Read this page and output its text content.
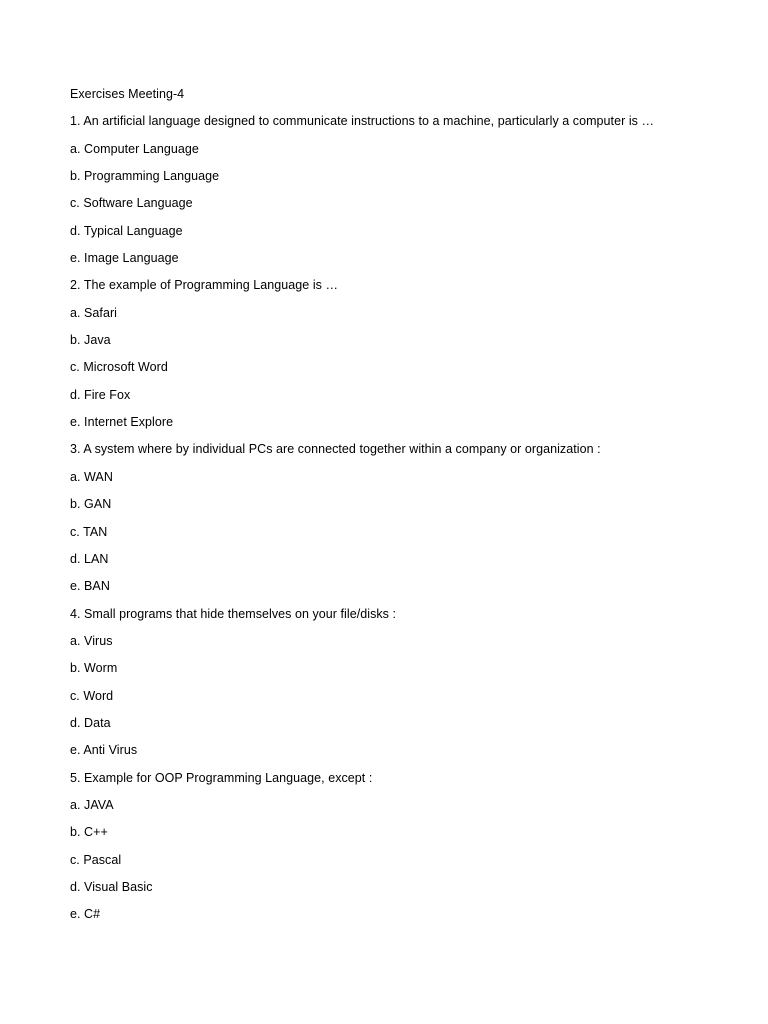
Exercises Meeting-4
1. An artificial language designed to communicate instructions to a machine, particularly a computer is …
a. Computer Language
b. Programming Language
c. Software Language
d. Typical Language
e. Image Language
2. The example of Programming Language is …
a. Safari
b. Java
c. Microsoft Word
d. Fire Fox
e. Internet Explore
3. A system where by individual PCs are connected together within a company or organization :
a. WAN
b. GAN
c. TAN
d. LAN
e. BAN
4. Small programs that hide themselves on your file/disks :
a. Virus
b. Worm
c. Word
d. Data
e. Anti Virus
5. Example for OOP Programming Language, except :
a. JAVA
b. C++
c. Pascal
d. Visual Basic
e. C#
